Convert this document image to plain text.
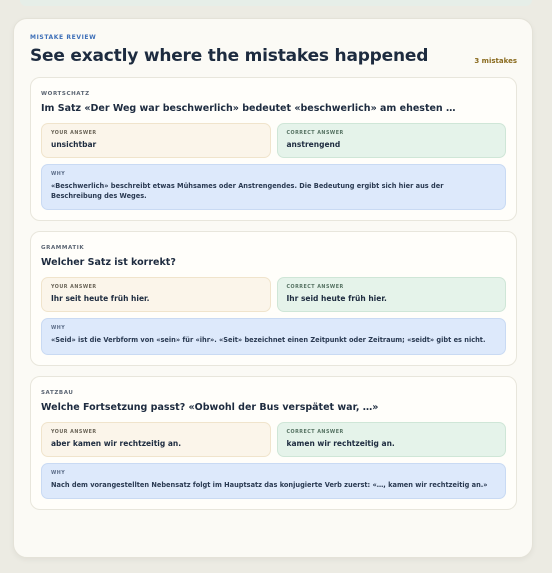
MISTAKE REVIEW
See exactly where the mistakes happened	3 mistakes
WORTSCHATZ
Im Satz «Der Weg war beschwerlich» bedeutet «beschwerlich» am ehesten …
YOUR ANSWER
unsichtbar
CORRECT ANSWER
anstrengend
WHY
«Beschwerlich» beschreibt etwas Mühsames oder Anstrengendes. Die Bedeutung ergibt sich hier aus der Beschreibung des Weges.
GRAMMATIK
Welcher Satz ist korrekt?
YOUR ANSWER
Ihr seit heute früh hier.
CORRECT ANSWER
Ihr seid heute früh hier.
WHY
«Seid» ist die Verbform von «sein» für «ihr». «Seit» bezeichnet einen Zeitpunkt oder Zeitraum; «seidt» gibt es nicht.
SATZBAU
Welche Fortsetzung passt? «Obwohl der Bus verspätet war, …»
YOUR ANSWER
aber kamen wir rechtzeitig an.
CORRECT ANSWER
kamen wir rechtzeitig an.
WHY
Nach dem vorangestellten Nebensatz folgt im Hauptsatz das konjugierte Verb zuerst: «…, kamen wir rechtzeitig an.»
